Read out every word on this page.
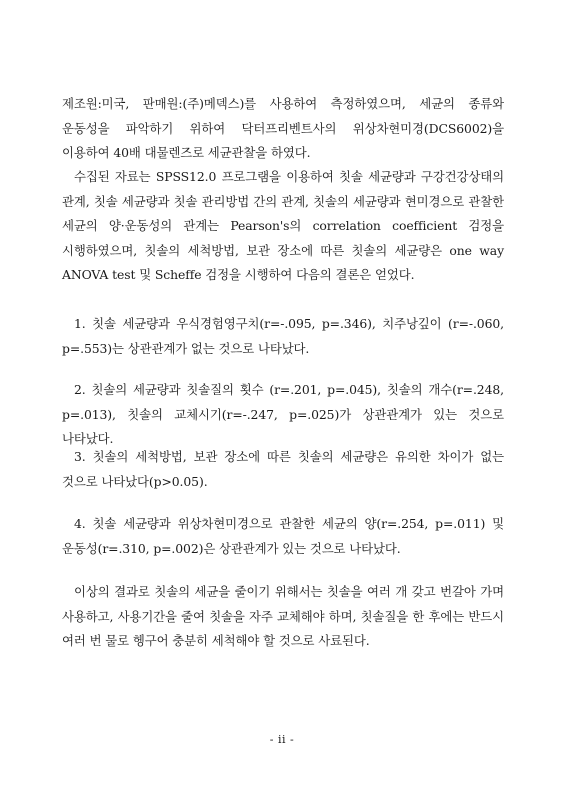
제조원:미국, 판매원:(주)메덱스)를 사용하여 측정하였으며, 세균의 종류와 운동성을 파악하기 위하여 닥터프리벤트사의 위상차현미경(DCS6002)을 이용하여 40배 대물렌즈로 세균관찰을 하였다.

수집된 자료는 SPSS12.0 프로그램을 이용하여 칫솔 세균량과 구강건강상태의 관계, 칫솔 세균량과 칫솔 관리방법 간의 관계, 칫솔의 세균량과 현미경으로 관찰한 세균의 양·운동성의 관계는 Pearson's의 correlation coefficient 검정을 시행하였으며, 칫솔의 세척방법, 보관 장소에 따른 칫솔의 세균량은 one way ANOVA test 및 Scheffe 검정을 시행하여 다음의 결론은 얻었다.

1. 칫솔 세균량과 우식경험영구치(r=-.095, p=.346), 치주낭깊이 (r=-.060, p=.553)는 상관관계가 없는 것으로 나타났다.

2. 칫솔의 세균량과 칫솔질의 횟수 (r=.201, p=.045), 칫솔의 개수(r=.248, p=.013), 칫솔의 교체시기(r=-.247, p=.025)가 상관관계가 있는 것으로 나타났다.

3. 칫솔의 세척방법, 보관 장소에 따른 칫솔의 세균량은 유의한 차이가 없는 것으로 나타났다(p>0.05).

4. 칫솔 세균량과 위상차현미경으로 관찰한 세균의 양(r=.254, p=.011) 및 운동성(r=.310, p=.002)은 상관관계가 있는 것으로 나타났다.

이상의 결과로 칫솔의 세균을 줄이기 위해서는 칫솔을 여러 개 갖고 번갈아 가며 사용하고, 사용기간을 줄여 칫솔을 자주 교체해야 하며, 칫솔질을 한 후에는 반드시 여러 번 물로 헹구어 충분히 세척해야 할 것으로 사료된다.

- ii -
